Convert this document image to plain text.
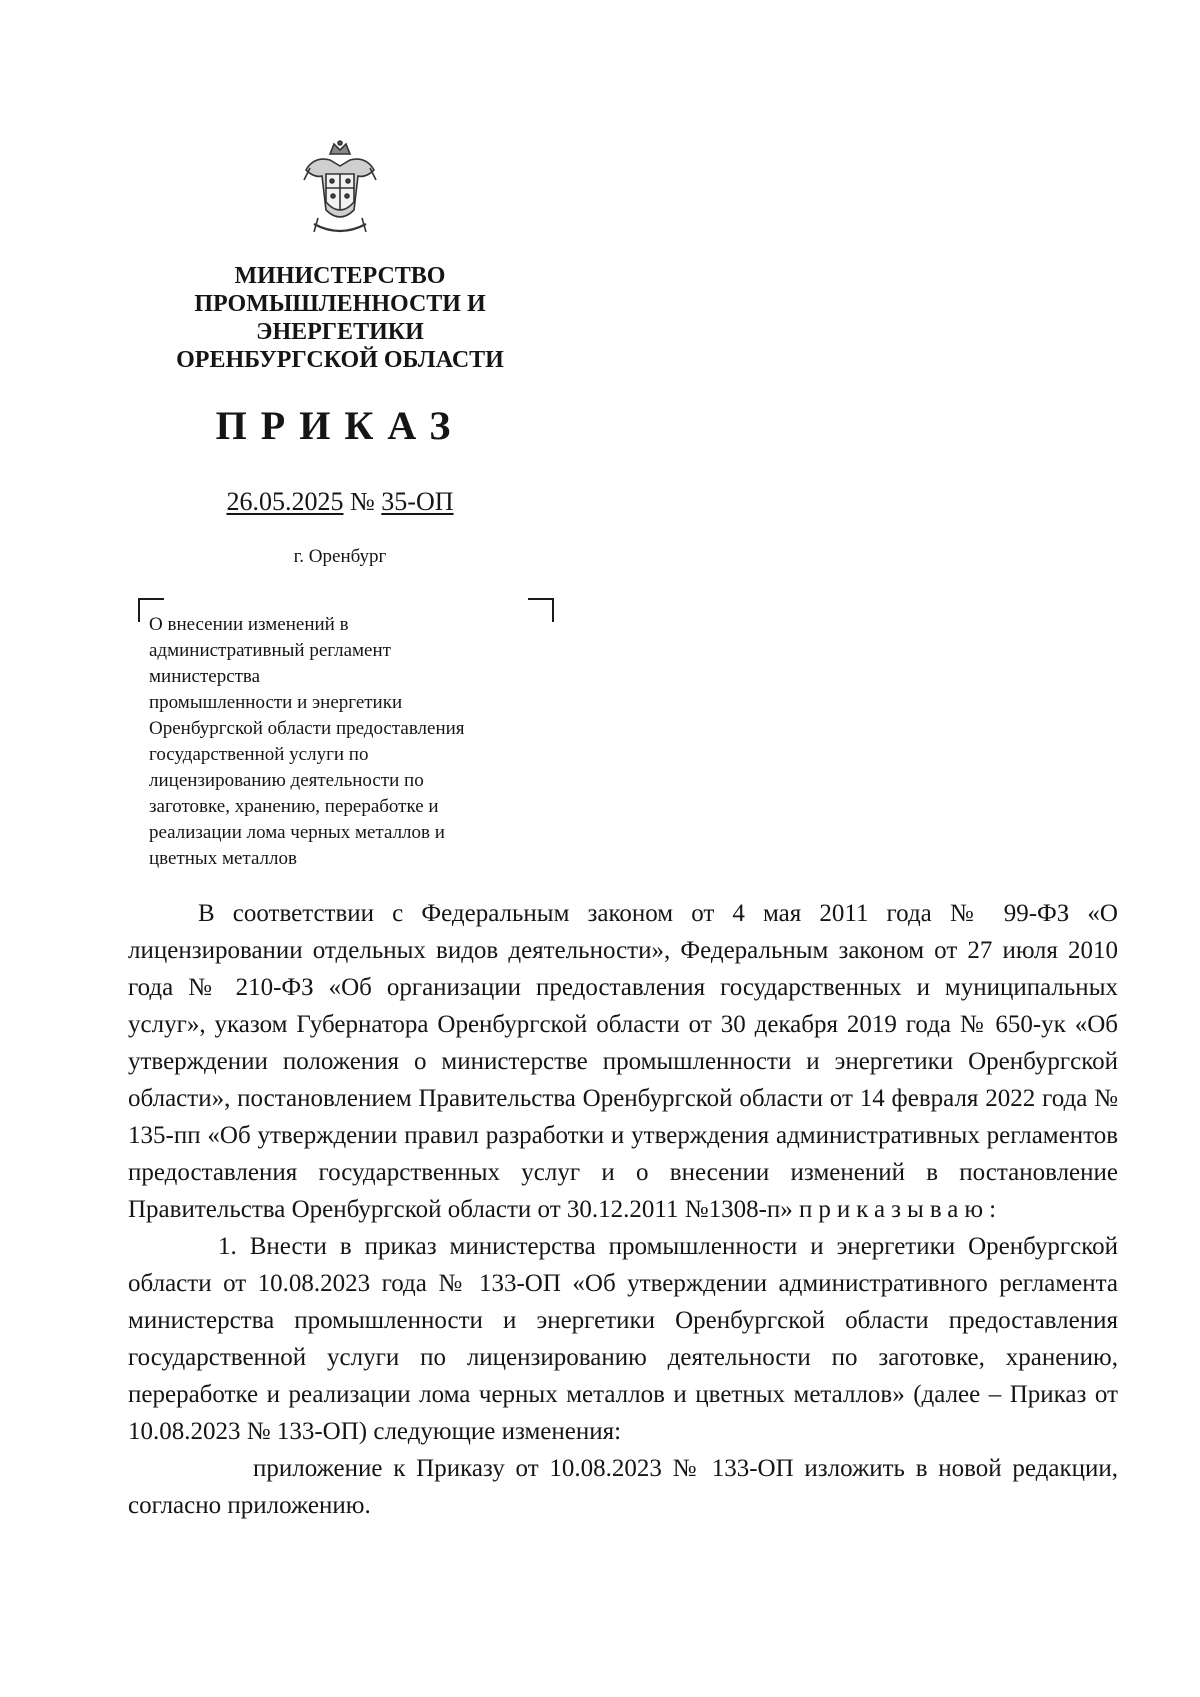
МИНИСТЕРСТВО
ПРОМЫШЛЕННОСТИ И
ЭНЕРГЕТИКИ
ОРЕНБУРГСКОЙ ОБЛАСТИ
ПРИКАЗ
26.05.2025 № 35-ОП
г. Оренбург
О внесении изменений в
административный регламент
министерства
промышленности и энергетики
Оренбургской области предоставления
государственной услуги по
лицензированию деятельности по
заготовке, хранению, переработке и
реализации лома черных металлов и
цветных металлов

В соответствии с Федеральным законом от 4 мая 2011 года № 99-ФЗ «О лицензировании отдельных видов деятельности», Федеральным законом от 27 июля 2010 года № 210-ФЗ «Об организации предоставления государственных и муниципальных услуг», указом Губернатора Оренбургской области от 30 декабря 2019 года № 650-ук «Об утверждении положения о министерстве промышленности и энергетики Оренбургской области», постановлением Правительства Оренбургской области от 14 февраля 2022 года № 135-пп «Об утверждении правил разработки и утверждения административных регламентов предоставления государственных услуг и о внесении изменений в постановление Правительства Оренбургской области от 30.12.2011 №1308-п» приказываю:

1. Внести в приказ министерства промышленности и энергетики Оренбургской области от 10.08.2023 года № 133-ОП «Об утверждении административного регламента министерства промышленности и энергетики Оренбургской области предоставления государственной услуги по лицензированию деятельности по заготовке, хранению, переработке и реализации лома черных металлов и цветных металлов» (далее – Приказ от 10.08.2023 № 133-ОП) следующие изменения:

приложение к Приказу от 10.08.2023 № 133-ОП изложить в новой редакции, согласно приложению.
